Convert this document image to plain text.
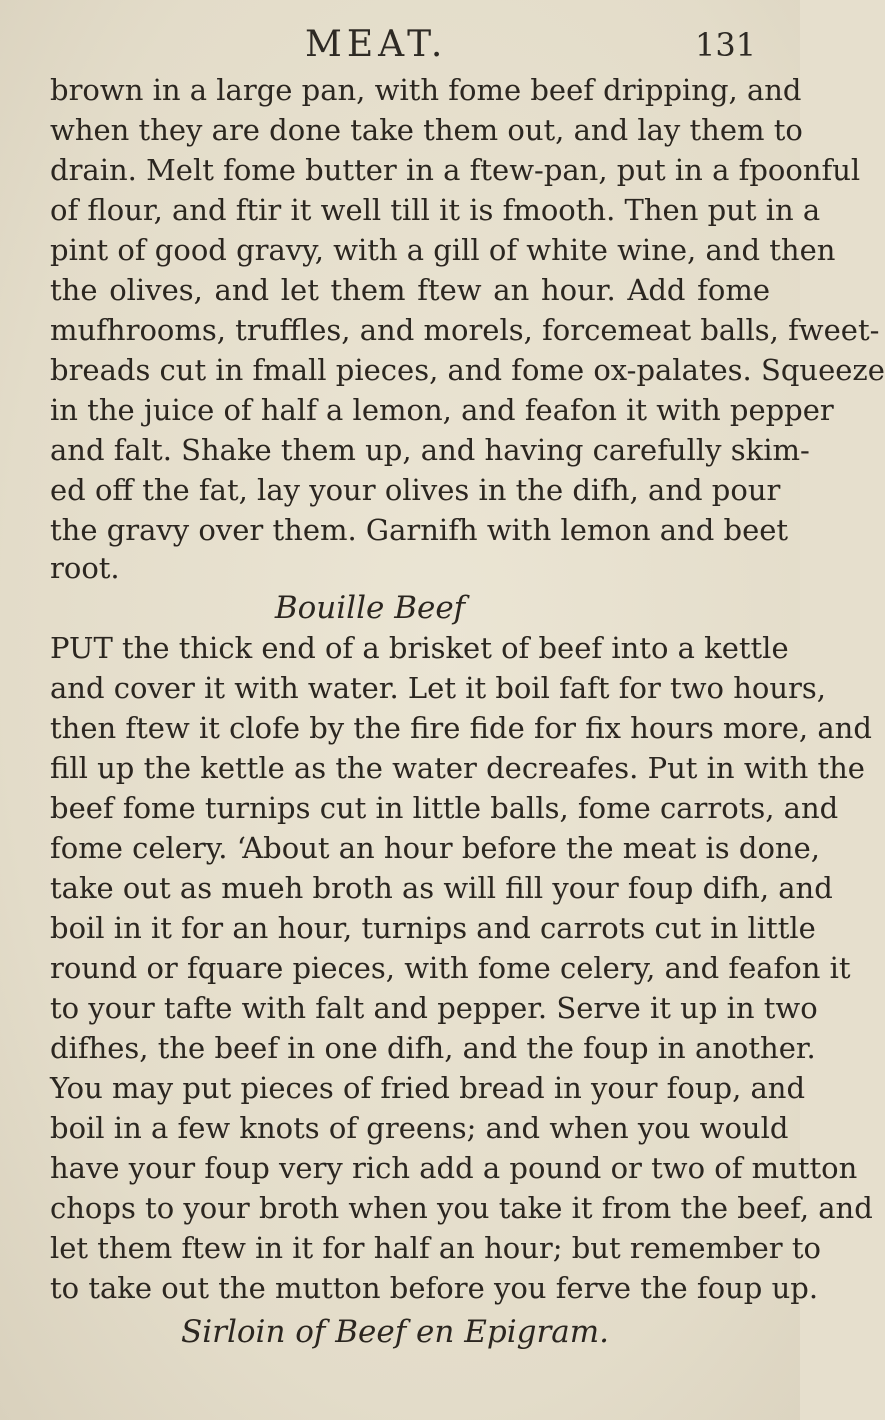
MEAT.	131
brown in a large pan, with fome beef dripping, and
when they are done take them out, and lay them to
drain. Melt fome butter in a ftew-pan, put in a fpoonful
of flour, and ftir it well till it is fmooth. Then put in a
pint of good gravy, with a gill of white wine, and then
the olives, and let them ftew an hour. Add fome
mufhrooms, truffles, and morels, forcemeat balls, fweet-
breads cut in fmall pieces, and fome ox-palates. Squeeze
in the juice of half a lemon, and feafon it with pepper
and falt. Shake them up, and having carefully skim-
ed off the fat, lay your olives in the difh, and pour
the gravy over them. Garnifh with lemon and beet
root.
Bouille Beef
PUT the thick end of a brisket of beef into a kettle
and cover it with water. Let it boil faft for two hours,
then ftew it clofe by the fire fide for fix hours more, and
fill up the kettle as the water decreafes. Put in with the
beef fome turnips cut in little balls, fome carrots, and
fome celery. ‘About an hour before the meat is done,
take out as mueh broth as will fill your foup difh, and
boil in it for an hour, turnips and carrots cut in little
round or fquare pieces, with fome celery, and feafon it
to your tafte with falt and pepper. Serve it up in two
difhes, the beef in one difh, and the foup in another.
You may put pieces of fried bread in your foup, and
boil in a few knots of greens; and when you would
have your foup very rich add a pound or two of mutton
chops to your broth when you take it from the beef, and
let them ftew in it for half an hour; but remember to
to take out the mutton before you ferve the foup up.
Sirloin of Beef en Epigram.
